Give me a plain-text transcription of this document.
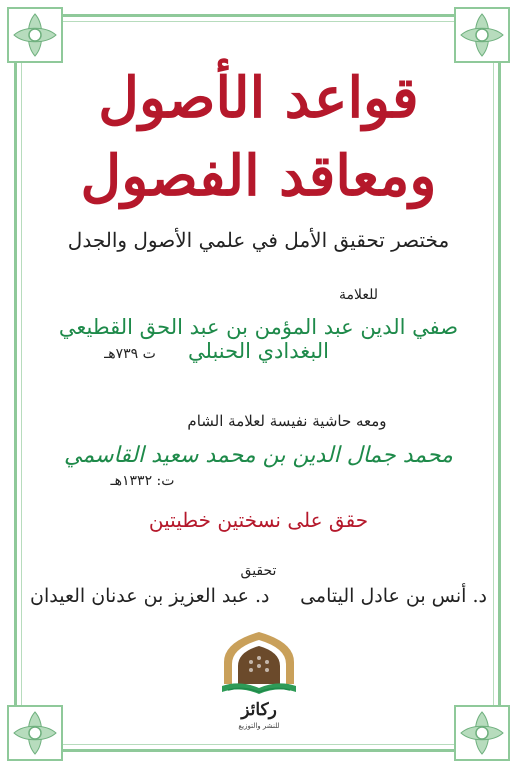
قواعد الأصول
ومعاقد الفصول
مختصر تحقيق الأمل في علمي الأصول والجدل
للعلامة
صفي الدين عبد المؤمن بن عبد الحق القطيعي البغدادي الحنبلي
ت ٧٣٩هـ
ومعه حاشية نفيسة لعلامة الشام
محمد جمال الدين بن محمد سعيد القاسمي
ت: ١٣٣٢هـ
حقق على نسختين خطيتين
تحقيق
د. أنس بن عادل اليتامى
د. عبد العزيز بن عدنان العيدان
ركائز
للنشر والتوزيع
